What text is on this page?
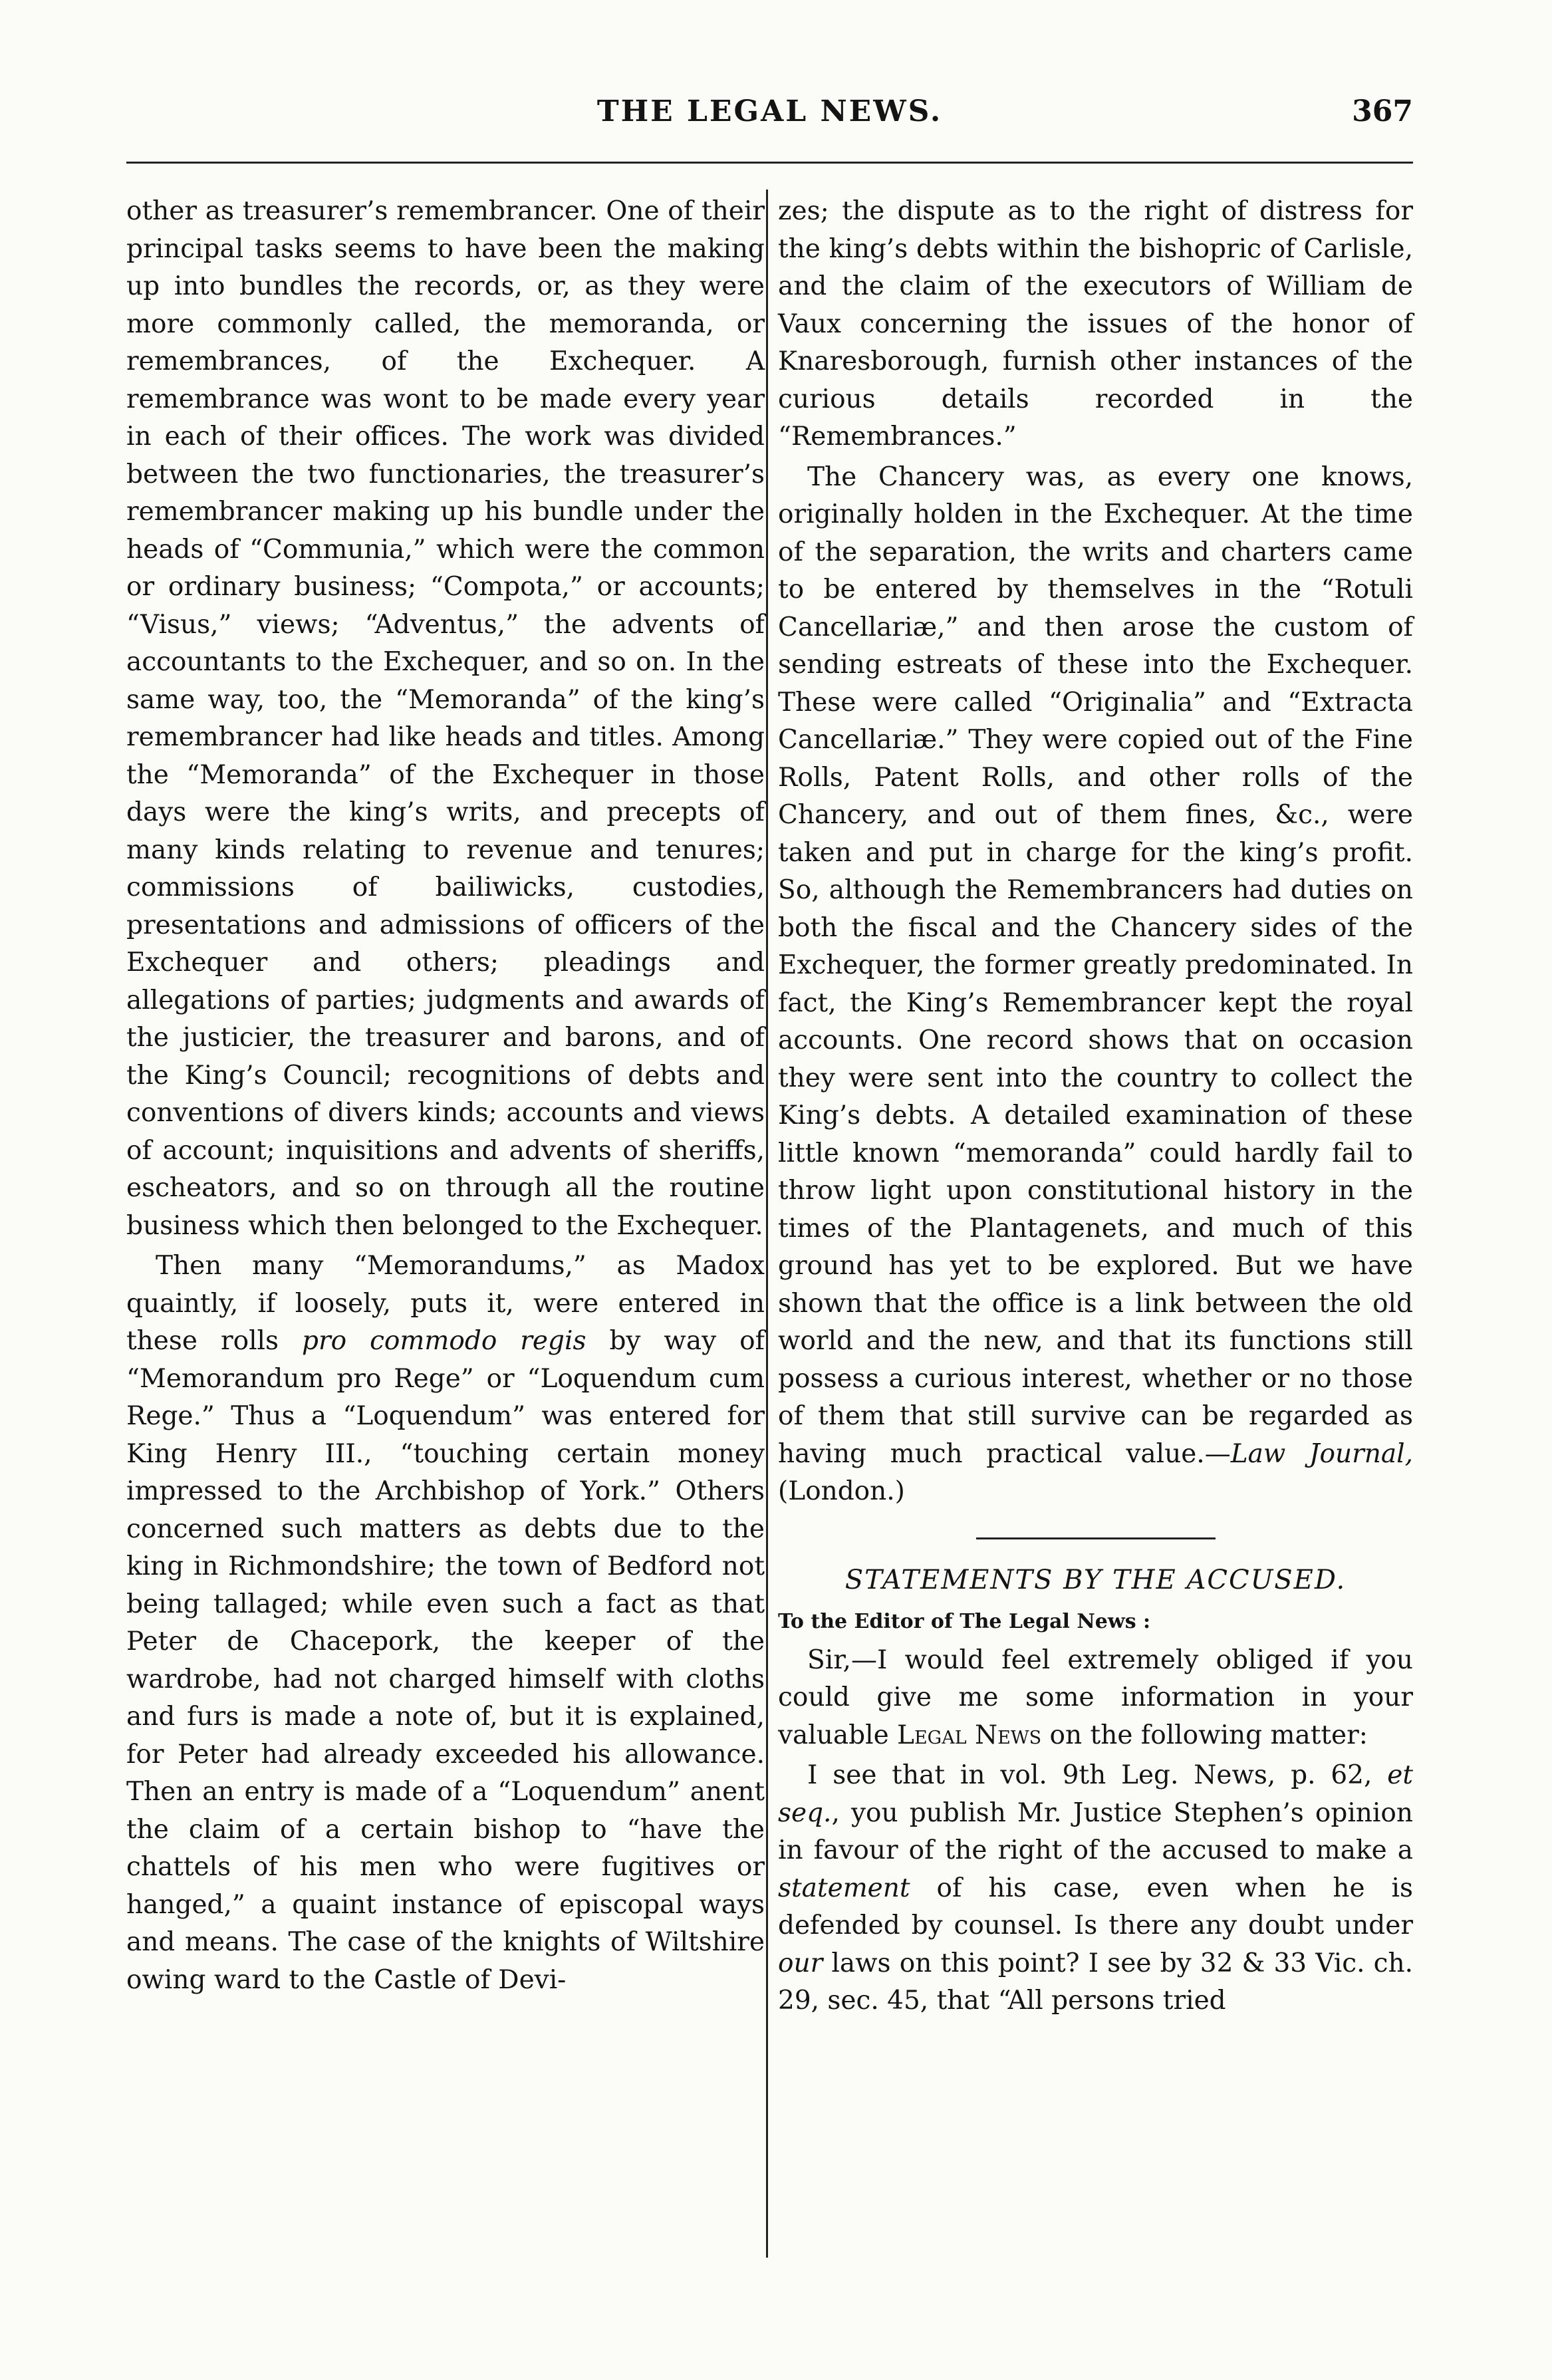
THE LEGAL NEWS.	367

other as treasurer’s remembrancer. One of their principal tasks seems to have been the making up into bundles the records, or, as they were more commonly called, the memoranda, or remembrances, of the Exchequer. A remembrance was wont to be made every year in each of their offices. The work was divided between the two functionaries, the treasurer’s remembrancer making up his bundle under the heads of “Communia,” which were the common or ordinary business; “Compota,” or accounts; “Visus,” views; “Adventus,” the advents of accountants to the Exchequer, and so on. In the same way, too, the “Memoranda” of the king’s remembrancer had like heads and titles. Among the “Memoranda” of the Exchequer in those days were the king’s writs, and precepts of many kinds relating to revenue and tenures; commissions of bailiwicks, custodies, presentations and admissions of officers of the Exchequer and others; pleadings and allegations of parties; judgments and awards of the justicier, the treasurer and barons, and of the King’s Council; recognitions of debts and conventions of divers kinds; accounts and views of account; inquisitions and advents of sheriffs, escheators, and so on through all the routine business which then belonged to the Exchequer.

Then many “Memorandums,” as Madox quaintly, if loosely, puts it, were entered in these rolls pro commodo regis by way of “Memorandum pro Rege” or “Loquendum cum Rege.” Thus a “Loquendum” was entered for King Henry III., “touching certain money impressed to the Archbishop of York.” Others concerned such matters as debts due to the king in Richmondshire; the town of Bedford not being tallaged; while even such a fact as that Peter de Chacepork, the keeper of the wardrobe, had not charged himself with cloths and furs is made a note of, but it is explained, for Peter had already exceeded his allowance. Then an entry is made of a “Loquendum” anent the claim of a certain bishop to “have the chattels of his men who were fugitives or hanged,” a quaint instance of episcopal ways and means. The case of the knights of Wiltshire owing ward to the Castle of Devi-

zes; the dispute as to the right of distress for the king’s debts within the bishopric of Carlisle, and the claim of the executors of William de Vaux concerning the issues of the honor of Knaresborough, furnish other instances of the curious details recorded in the “Remembrances.”

The Chancery was, as every one knows, originally holden in the Exchequer. At the time of the separation, the writs and charters came to be entered by themselves in the “Rotuli Cancellariæ,” and then arose the custom of sending estreats of these into the Exchequer. These were called “Originalia” and “Extracta Cancellariæ.” They were copied out of the Fine Rolls, Patent Rolls, and other rolls of the Chancery, and out of them fines, &c., were taken and put in charge for the king’s profit. So, although the Remembrancers had duties on both the fiscal and the Chancery sides of the Exchequer, the former greatly predominated. In fact, the King’s Remembrancer kept the royal accounts. One record shows that on occasion they were sent into the country to collect the King’s debts. A detailed examination of these little known “memoranda” could hardly fail to throw light upon constitutional history in the times of the Plantagenets, and much of this ground has yet to be explored. But we have shown that the office is a link between the old world and the new, and that its functions still possess a curious interest, whether or no those of them that still survive can be regarded as having much practical value.—Law Journal, (London.)

STATEMENTS BY THE ACCUSED.
To the Editor of The Legal News :

Sir,—I would feel extremely obliged if you could give me some information in your valuable Legal News on the following matter:

I see that in vol. 9th Leg. News, p. 62, et seq., you publish Mr. Justice Stephen’s opinion in favour of the right of the accused to make a statement of his case, even when he is defended by counsel. Is there any doubt under our laws on this point? I see by 32 & 33 Vic. ch. 29, sec. 45, that “All persons tried
